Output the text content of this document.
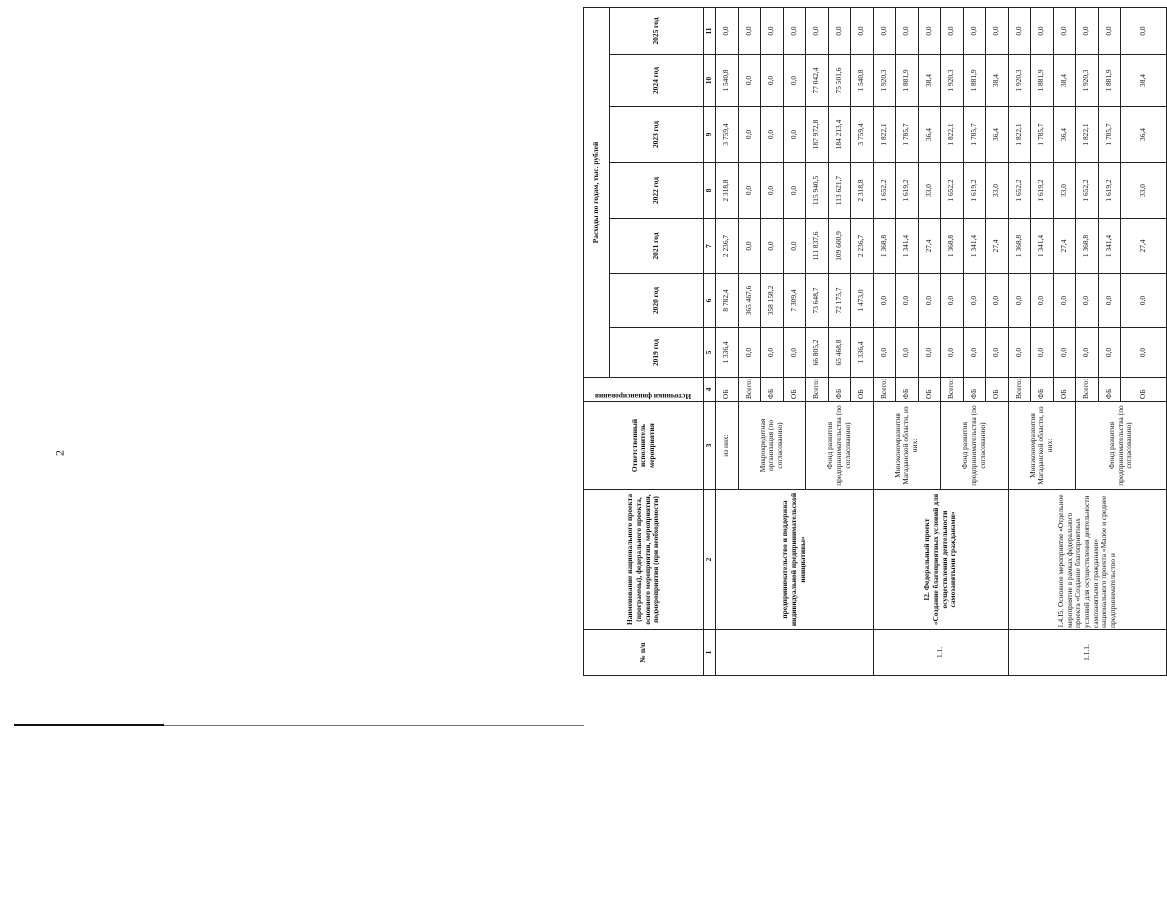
2
№ п/п	Наименование национального проекта (программы), федерального проекта, основного мероприятия, мероприятия, подмероприятия (при необходимости)	Ответственный исполнитель мероприятия	Источники финансирования	Расходы по годам, тыс. рублей						
				2019 год	2020 год	2021 год	2022 год	2023 год	2024 год	2025 год
1	2	3	4	5	6	7	8	9	10	11
	предпринимательство и поддержка индивидуальной предпринимательской инициативы»	из них:	ОБ	1 336,4	8 782,4	2 236,7	2 318,8	3 759,4	1 540,8	0,0
		Микрокредитная организация (по согласованию)	Всего:	0,0	365 467,6	0,0	0,0	0,0	0,0	0,0
			ФБ	0,0	358 158,2	0,0	0,0	0,0	0,0	0,0
			ОБ	0,0	7 309,4	0,0	0,0	0,0	0,0	0,0
		Фонд развития предпринимательства (по согласованию)	Всего:	66 805,2	73 648,7	111 837,6	115 940,5	187 972,8	77 042,4	0,0
			ФБ	65 468,8	72 175,7	109 600,9	113 621,7	184 213,4	75 501,6	0,0
			ОБ	1 336,4	1 473,0	2 236,7	2 318,8	3 759,4	1 540,8	0,0
1.1.	I2. Федеральный проект «Создание благоприятных условий для осуществления деятельности самозанятыми гражданами»	Минэкономразвития Магаданской области, из них:	Всего:	0,0	0,0	1 368,8	1 652,2	1 822,1	1 920,3	0,0
			ФБ	0,0	0,0	1 341,4	1 619,2	1 785,7	1 881,9	0,0
			ОБ	0,0	0,0	27,4	33,0	36,4	38,4	0,0
		Фонд развития предпринимательства (по согласованию)	Всего:	0,0	0,0	1 368,8	1 652,2	1 822,1	1 920,3	0,0
			ФБ	0,0	0,0	1 341,4	1 619,2	1 785,7	1 881,9	0,0
			ОБ	0,0	0,0	27,4	33,0	36,4	38,4	0,0
1.1.1.	1.4.I5. Основное мероприятие «Отдельное мероприятие в рамках федерального проекта «Создание благоприятных условий для осуществления деятельности самозанятыми гражданами» национального проекта «Малое и среднее предпринимательство и	Минэкономразвития Магаданской области, из них:	Всего:	0,0	0,0	1 368,8	1 652,2	1 822,1	1 920,3	0,0
			ФБ	0,0	0,0	1 341,4	1 619,2	1 785,7	1 881,9	0,0
			ОБ	0,0	0,0	27,4	33,0	36,4	38,4	0,0
		Фонд развития предпринимательства (по согласованию)	Всего:	0,0	0,0	1 368,8	1 652,2	1 822,1	1 920,3	0,0
			ФБ	0,0	0,0	1 341,4	1 619,2	1 785,7	1 881,9	0,0
			ОБ	0,0	0,0	27,4	33,0	36,4	38,4	0,0
